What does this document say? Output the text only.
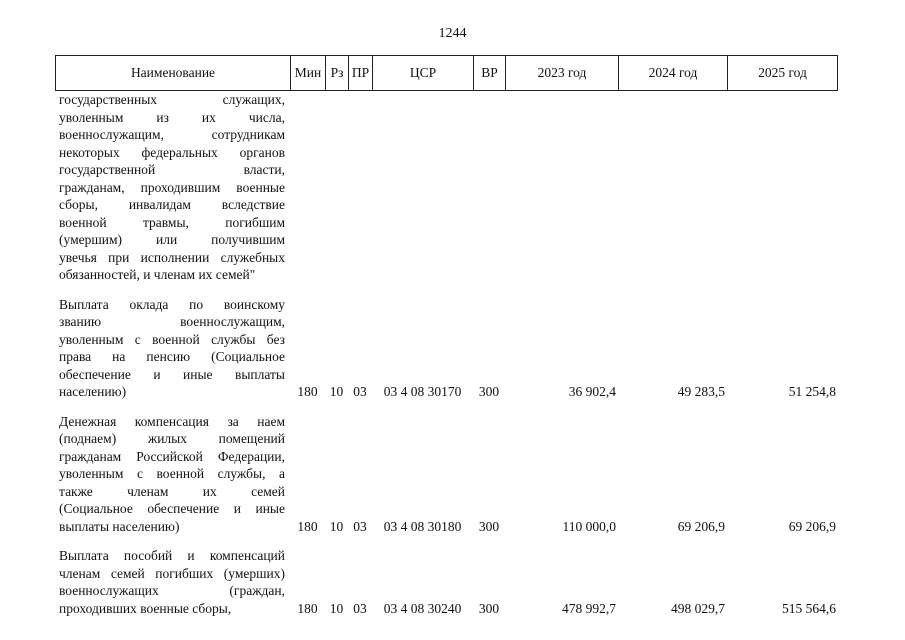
1244
Наименование	Мин Рз ПР	ЦСР	ВР	2023 год	2024 год	2025 год
государственных служащих,
уволенным из их числа,
военнослужащим, сотрудникам
некоторых федеральных органов
государственной власти,
гражданам, проходившим военные
сборы, инвалидам вследствие
военной травмы, погибшим
(умершим) или получившим
увечья при исполнении служебных
обязанностей, и членам их семей"
Выплата оклада по воинскому
званию военнослужащим,
уволенным с военной службы без
права на пенсию (Социальное
обеспечение и иные выплаты
населению)	180 10 03	03 4 08 30170	300	36 902,4	49 283,5	51 254,8
Денежная компенсация за наем
(поднаем) жилых помещений
гражданам Российской Федерации,
уволенным с военной службы, а
также членам их семей
(Социальное обеспечение и иные
выплаты населению)	180 10 03	03 4 08 30180	300	110 000,0	69 206,9	69 206,9
Выплата пособий и компенсаций
членам семей погибших (умерших)
военнослужащих (граждан,
проходивших военные сборы,	180 10 03	03 4 08 30240	300	478 992,7	498 029,7	515 564,6
